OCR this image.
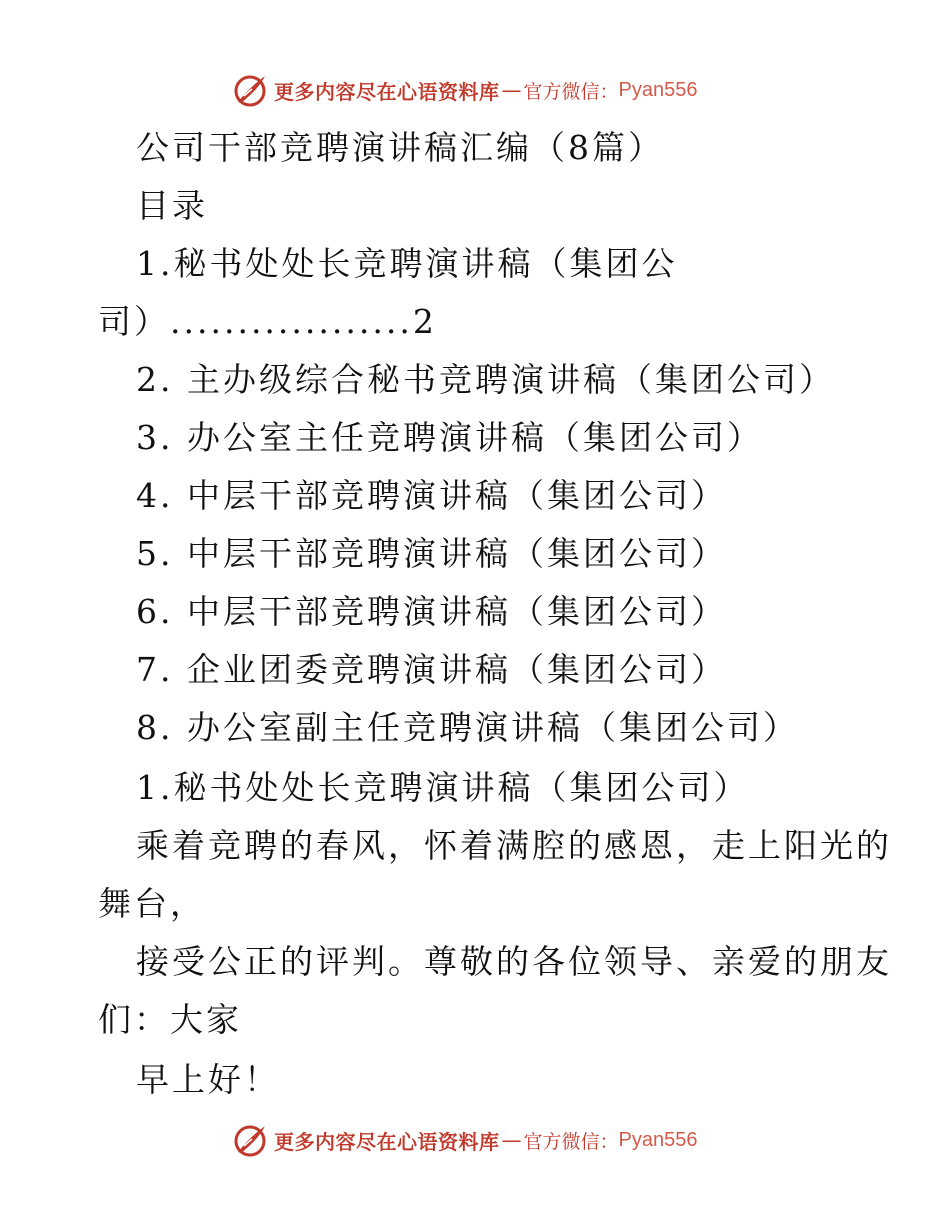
更多内容尽在心语资料库 — 官方微信： Pyan556
公司干部竞聘演讲稿汇编（8篇）
目录
1.秘书处处长竞聘演讲稿（集团公
司）..................2
2. 主办级综合秘书竞聘演讲稿（集团公司）
3. 办公室主任竞聘演讲稿（集团公司）
4. 中层干部竞聘演讲稿（集团公司）
5. 中层干部竞聘演讲稿（集团公司）
6. 中层干部竞聘演讲稿（集团公司）
7. 企业团委竞聘演讲稿（集团公司）
8. 办公室副主任竞聘演讲稿（集团公司）
1.秘书处处长竞聘演讲稿（集团公司）
乘着竞聘的春风，怀着满腔的感恩，走上阳光的
舞台，
接受公正的评判。尊敬的各位领导、亲爱的朋友
们：大家
早上好！
更多内容尽在心语资料库 — 官方微信： Pyan556
